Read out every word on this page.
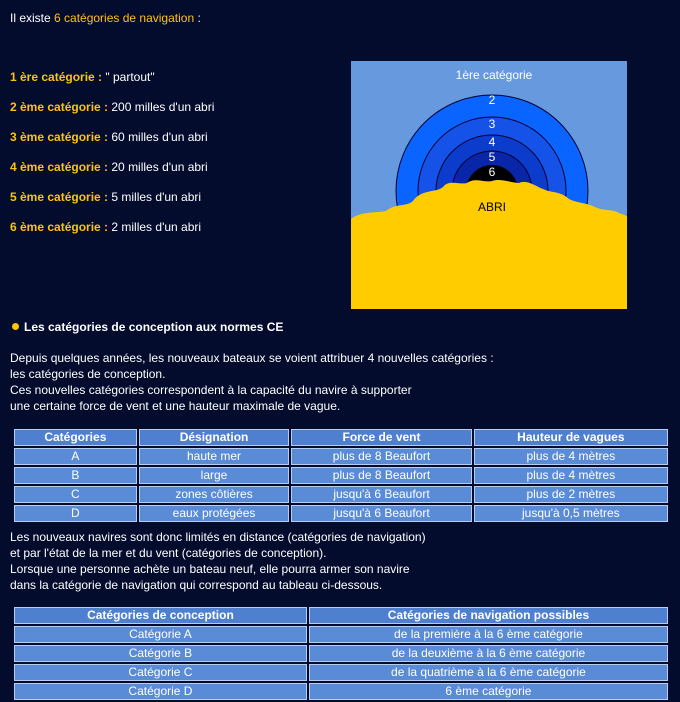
Il existe 6 catégories de navigation :
1 ère catégorie : " partout"
2 ème catégorie : 200 milles d'un abri
3 ème catégorie : 60 milles d'un abri
4 ème catégorie : 20 milles d'un abri
5 ème catégorie : 5 milles d'un abri
6 ème catégorie : 2 milles d'un abri
1ère catégorie
2
3
4
5
6
ABRI
Les catégories de conception aux normes CE
Depuis quelques années, les nouveaux bateaux se voient attribuer 4 nouvelles catégories :
les catégories de conception.
Ces nouvelles catégories correspondent à la capacité du navire à supporter
une certaine force de vent et une hauteur maximale de vague.
Catégories	Désignation	Force de vent	Hauteur de vagues
A	haute mer	plus de 8 Beaufort	plus de 4 mètres
B	large	plus de 8 Beaufort	plus de 4 mètres
C	zones côtières	jusqu'à 6 Beaufort	plus de 2 mètres
D	eaux protégées	jusqu'à 6 Beaufort	jusqu'à 0,5 mètres
Les nouveaux navires sont donc limités en distance (catégories de navigation)
et par l'état de la mer et du vent (catégories de conception).
Lorsque une personne achète un bateau neuf, elle pourra armer son navire
dans la catégorie de navigation qui correspond au tableau ci-dessous.
Catégories de conception	Catégories de navigation possibles
Catégorie A	de la première à la 6 ème catégorie
Catégorie B	de la deuxième à la 6 ème catégorie
Catégorie C	de la quatrième à la 6 ème catégorie
Catégorie D	6 ème catégorie
